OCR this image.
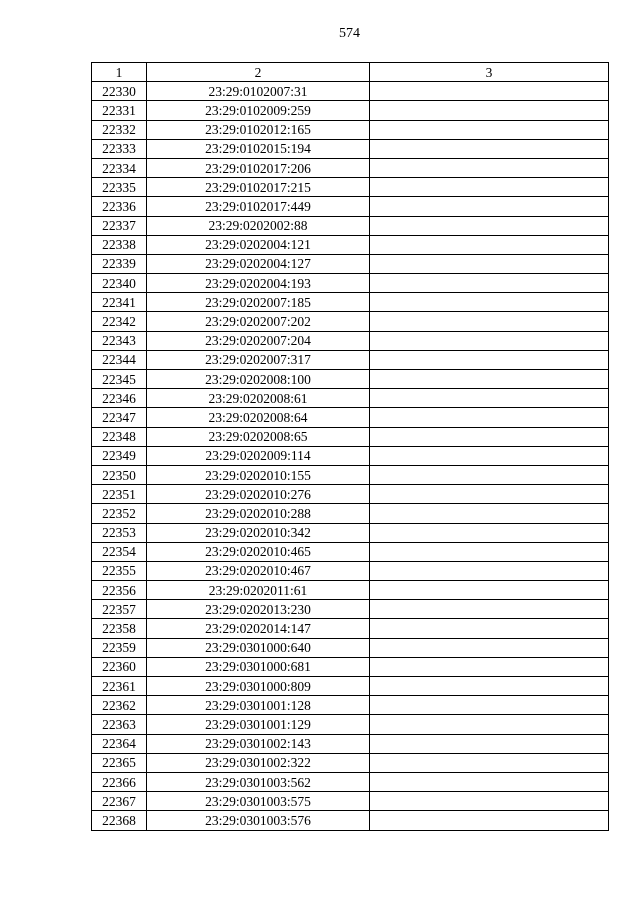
574
1	2	3
22330	23:29:0102007:31	
22331	23:29:0102009:259	
22332	23:29:0102012:165	
22333	23:29:0102015:194	
22334	23:29:0102017:206	
22335	23:29:0102017:215	
22336	23:29:0102017:449	
22337	23:29:0202002:88	
22338	23:29:0202004:121	
22339	23:29:0202004:127	
22340	23:29:0202004:193	
22341	23:29:0202007:185	
22342	23:29:0202007:202	
22343	23:29:0202007:204	
22344	23:29:0202007:317	
22345	23:29:0202008:100	
22346	23:29:0202008:61	
22347	23:29:0202008:64	
22348	23:29:0202008:65	
22349	23:29:0202009:114	
22350	23:29:0202010:155	
22351	23:29:0202010:276	
22352	23:29:0202010:288	
22353	23:29:0202010:342	
22354	23:29:0202010:465	
22355	23:29:0202010:467	
22356	23:29:0202011:61	
22357	23:29:0202013:230	
22358	23:29:0202014:147	
22359	23:29:0301000:640	
22360	23:29:0301000:681	
22361	23:29:0301000:809	
22362	23:29:0301001:128	
22363	23:29:0301001:129	
22364	23:29:0301002:143	
22365	23:29:0301002:322	
22366	23:29:0301003:562	
22367	23:29:0301003:575	
22368	23:29:0301003:576	
